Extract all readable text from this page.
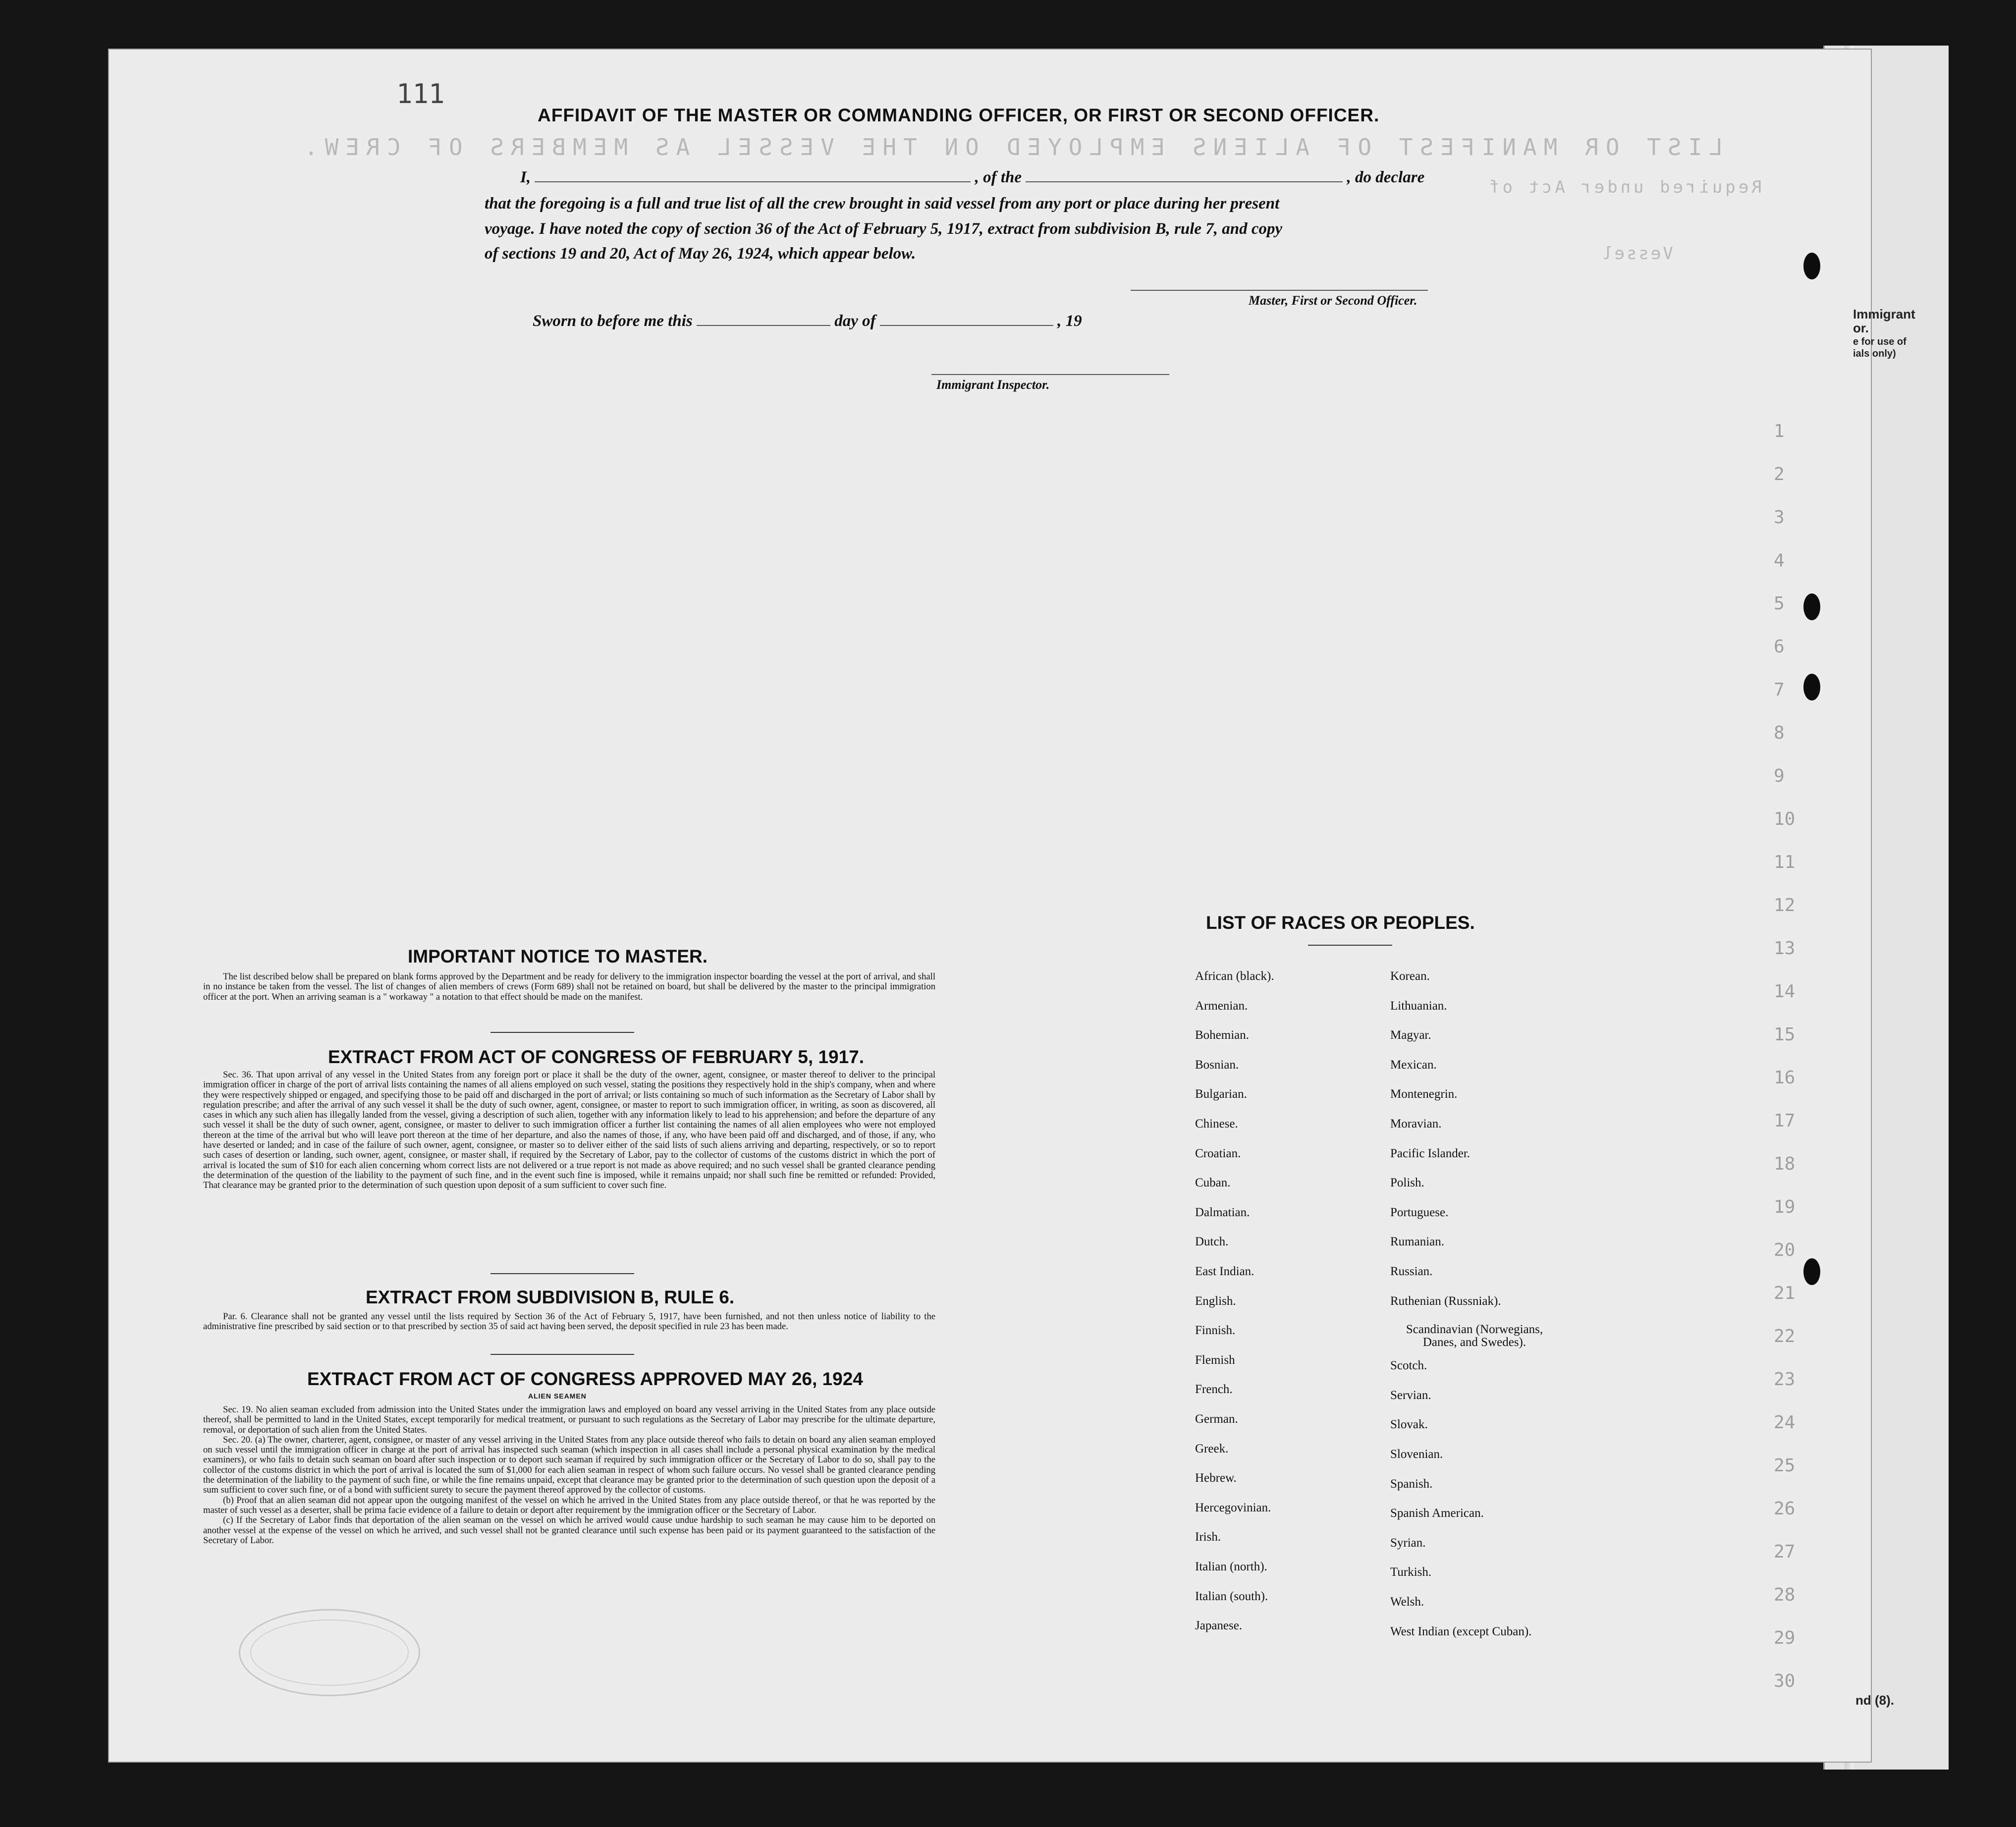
LIST OR MANIFEST OF ALIENS EMPLOYED ON THE VESSEL AS MEMBERS OF CREW.
Required under Act of
Vessel
1
2
3
4
5
6
7
8
9
10
11
12
13
14
15
16
17
18
19
20
21
22
23
24
25
26
27
28
29
30
Immigrant
or.
e for use of
ials only)
nd (8).
111
AFFIDAVIT OF THE MASTER OR COMMANDING OFFICER, OR FIRST OR SECOND OFFICER.
I,	, of the	, do declare
that the foregoing is a full and true list of all the crew brought in said vessel from any port or place during her present
voyage. I have noted the copy of section 36 of the Act of February 5, 1917, extract from subdivision B, rule 7, and copy
of sections 19 and 20, Act of May 26, 1924, which appear below.
Master, First or Second Officer.
Sworn to before me this	day of	, 19
Immigrant Inspector.
IMPORTANT NOTICE TO MASTER.

The list described below shall be prepared on blank forms approved by the Department and be ready for delivery to the immigration inspector boarding the vessel at the port of arrival, and shall in no instance be taken from the vessel. The list of changes of alien members of crews (Form 689) shall not be retained on board, but shall be delivered by the master to the principal immigration officer at the port. When an arriving seaman is a " workaway " a notation to that effect should be made on the manifest.

EXTRACT FROM ACT OF CONGRESS OF FEBRUARY 5, 1917.

Sec. 36. That upon arrival of any vessel in the United States from any foreign port or place it shall be the duty of the owner, agent, consignee, or master thereof to deliver to the principal immigration officer in charge of the port of arrival lists containing the names of all aliens employed on such vessel, stating the positions they respectively hold in the ship's company, when and where they were respectively shipped or engaged, and specifying those to be paid off and discharged in the port of arrival; or lists containing so much of such information as the Secretary of Labor shall by regulation prescribe; and after the arrival of any such vessel it shall be the duty of such owner, agent, consignee, or master to report to such immigration officer, in writing, as soon as discovered, all cases in which any such alien has illegally landed from the vessel, giving a description of such alien, together with any information likely to lead to his apprehension; and before the departure of any such vessel it shall be the duty of such owner, agent, consignee, or master to deliver to such immigration officer a further list containing the names of all alien employees who were not employed thereon at the time of the arrival but who will leave port thereon at the time of her departure, and also the names of those, if any, who have been paid off and discharged, and of those, if any, who have deserted or landed; and in case of the failure of such owner, agent, consignee, or master so to deliver either of the said lists of such aliens arriving and departing, respectively, or so to report such cases of desertion or landing, such owner, agent, consignee, or master shall, if required by the Secretary of Labor, pay to the collector of customs of the customs district in which the port of arrival is located the sum of $10 for each alien concerning whom correct lists are not delivered or a true report is not made as above required; and no such vessel shall be granted clearance pending the determination of the question of the liability to the payment of such fine, and in the event such fine is imposed, while it remains unpaid; nor shall such fine be remitted or refunded: Provided, That clearance may be granted prior to the determination of such question upon deposit of a sum sufficient to cover such fine.

EXTRACT FROM SUBDIVISION B, RULE 6.

Par. 6. Clearance shall not be granted any vessel until the lists required by Section 36 of the Act of February 5, 1917, have been furnished, and not then unless notice of liability to the administrative fine prescribed by said section or to that prescribed by section 35 of said act having been served, the deposit specified in rule 23 has been made.

EXTRACT FROM ACT OF CONGRESS APPROVED MAY 26, 1924
ALIEN SEAMEN

Sec. 19. No alien seaman excluded from admission into the United States under the immigration laws and employed on board any vessel arriving in the United States from any place outside thereof, shall be permitted to land in the United States, except temporarily for medical treatment, or pursuant to such regulations as the Secretary of Labor may prescribe for the ultimate departure, removal, or deportation of such alien from the United States.

Sec. 20. (a) The owner, charterer, agent, consignee, or master of any vessel arriving in the United States from any place outside thereof who fails to detain on board any alien seaman employed on such vessel until the immigration officer in charge at the port of arrival has inspected such seaman (which inspection in all cases shall include a personal physical examination by the medical examiners), or who fails to detain such seaman on board after such inspection or to deport such seaman if required by such immigration officer or the Secretary of Labor to do so, shall pay to the collector of the customs district in which the port of arrival is located the sum of $1,000 for each alien seaman in respect of whom such failure occurs. No vessel shall be granted clearance pending the determination of the liability to the payment of such fine, or while the fine remains unpaid, except that clearance may be granted prior to the determination of such question upon the deposit of a sum sufficient to cover such fine, or of a bond with sufficient surety to secure the payment thereof approved by the collector of customs.

(b) Proof that an alien seaman did not appear upon the outgoing manifest of the vessel on which he arrived in the United States from any place outside thereof, or that he was reported by the master of such vessel as a deserter, shall be prima facie evidence of a failure to detain or deport after requirement by the immigration officer or the Secretary of Labor.

(c) If the Secretary of Labor finds that deportation of the alien seaman on the vessel on which he arrived would cause undue hardship to such seaman he may cause him to be deported on another vessel at the expense of the vessel on which he arrived, and such vessel shall not be granted clearance until such expense has been paid or its payment guaranteed to the satisfaction of the Secretary of Labor.

LIST OF RACES OR PEOPLES.
African (black).
Armenian.
Bohemian.
Bosnian.
Bulgarian.
Chinese.
Croatian.
Cuban.
Dalmatian.
Dutch.
East Indian.
English.
Finnish.
Flemish
French.
German.
Greek.
Hebrew.
Hercegovinian.
Irish.
Italian (north).
Italian (south).
Japanese.
Korean.
Lithuanian.
Magyar.
Mexican.
Montenegrin.
Moravian.
Pacific Islander.
Polish.
Portuguese.
Rumanian.
Russian.
Ruthenian (Russniak).
Scandinavian (Norwegians, Danes, and Swedes).
Scotch.
Servian.
Slovak.
Slovenian.
Spanish.
Spanish American.
Syrian.
Turkish.
Welsh.
West Indian (except Cuban).
